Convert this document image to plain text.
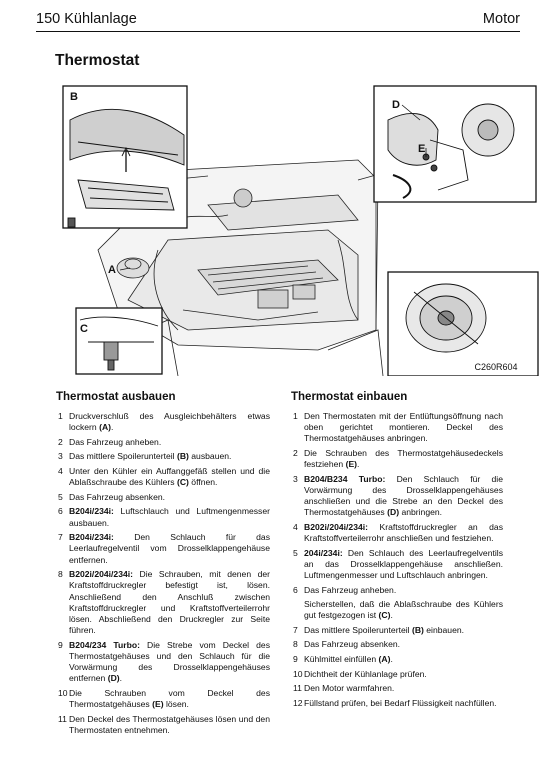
150 Kühlanlage	Motor
Thermostat
B
A
C
D
E
C260R604
Thermostat ausbauen
1 Druckverschluß des Ausgleichbehälters etwas lockern (A).
2 Das Fahrzeug anheben.
3 Das mittlere Spoilerunterteil (B) ausbauen.
4 Unter den Kühler ein Auffanggefäß stellen und die Ablaßschraube des Kühlers (C) öffnen.
5 Das Fahrzeug absenken.
6 B204i/234i: Luftschlauch und Luftmengenmesser ausbauen.
7 B204i/234i: Den Schlauch für das Leerlaufregelventil vom Drosselklappengehäuse entfernen.
8 B202i/204i/234i: Die Schrauben, mit denen der Kraftstoffdruckregler befestigt ist, lösen. Anschließend den Anschluß zwischen Kraftstoffdruckregler und Kraftstoffverteilerrohr lösen. Abschließend den Druckregler zur Seite führen.
9 B204/234 Turbo: Die Strebe vom Deckel des Thermostatgehäuses und den Schlauch für die Vorwärmung des Drosselklappengehäuses entfernen (D).
10 Die Schrauben vom Deckel des Thermostatgehäuses (E) lösen.
11 Den Deckel des Thermostatgehäuses lösen und den Thermostaten entnehmen.
Thermostat einbauen
1 Den Thermostaten mit der Entlüftungsöffnung nach oben gerichtet montieren. Deckel des Thermostatgehäuses anbringen.
2 Die Schrauben des Thermostatgehäusedeckels festziehen (E).
3 B204/B234 Turbo: Den Schlauch für die Vorwärmung des Drosselklappengehäuses anschließen und die Strebe an den Deckel des Thermostatgehäuses (D) anbringen.
4 B202i/204i/234i: Kraftstoffdruckregler an das Kraftstoffverteilerrohr anschließen und festziehen.
5 204i/234i: Den Schlauch des Leerlaufregelventils an das Drosselklappengehäuse anschließen. Luftmengenmesser und Luftschlauch anbringen.
6 Das Fahrzeug anheben.
Sicherstellen, daß die Ablaßschraube des Kühlers gut festgezogen ist (C).
7 Das mittlere Spoilerunterteil (B) einbauen.
8 Das Fahrzeug absenken.
9 Kühlmittel einfüllen (A).
10 Dichtheit der Kühlanlage prüfen.
11 Den Motor warmfahren.
12 Füllstand prüfen, bei Bedarf Flüssigkeit nachfüllen.
